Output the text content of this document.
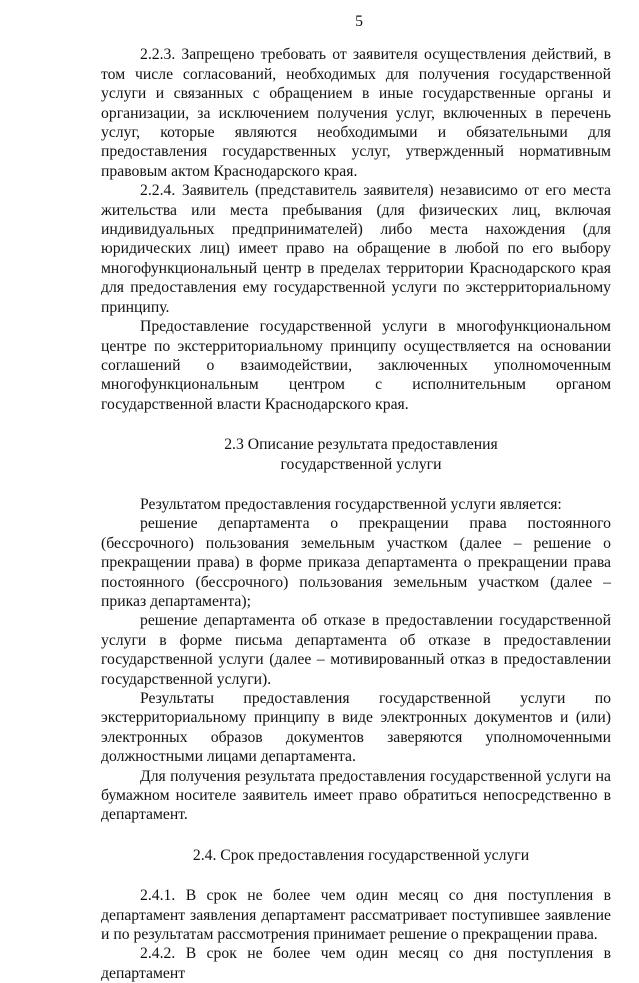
5

2.2.3. Запрещено требовать от заявителя осуществления действий, в том числе согласований, необходимых для получения государственной услуги и связанных с обращением в иные государственные органы и организации, за исключением получения услуг, включенных в перечень услуг, которые являются необходимыми и обязательными для предоставления государственных услуг, утвержденный нормативным правовым актом Краснодарского края.

2.2.4. Заявитель (представитель заявителя) независимо от его места жительства или места пребывания (для физических лиц, включая индивидуальных предпринимателей) либо места нахождения (для юридических лиц) имеет право на обращение в любой по его выбору многофункциональный центр в пределах территории Краснодарского края для предоставления ему государственной услуги по экстерриториальному принципу.

Предоставление государственной услуги в многофункциональном центре по экстерриториальному принципу осуществляется на основании соглашений о взаимодействии, заключенных уполномоченным многофункциональным центром с исполнительным органом государственной власти Краснодарского края.

2.3 Описание результата предоставления
государственной услуги

Результатом предоставления государственной услуги является:

решение департамента о прекращении права постоянного (бессрочного) пользования земельным участком (далее – решение о прекращении права) в форме приказа департамента о прекращении права постоянного (бессрочного) пользования земельным участком (далее – приказ департамента);

решение департамента об отказе в предоставлении государственной услуги в форме письма департамента об отказе в предоставлении государственной услуги (далее – мотивированный отказ в предоставлении государственной услуги).

Результаты предоставления государственной услуги по экстерриториальному принципу в виде электронных документов и (или) электронных образов документов заверяются уполномоченными должностными лицами департамента.

Для получения результата предоставления государственной услуги на бумажном носителе заявитель имеет право обратиться непосредственно в департамент.

2.4. Срок предоставления государственной услуги

2.4.1. В срок не более чем один месяц со дня поступления в департамент заявления департамент рассматривает поступившее заявление и по результатам рассмотрения принимает решение о прекращении права.

2.4.2. В срок не более чем один месяц со дня поступления в департамент
